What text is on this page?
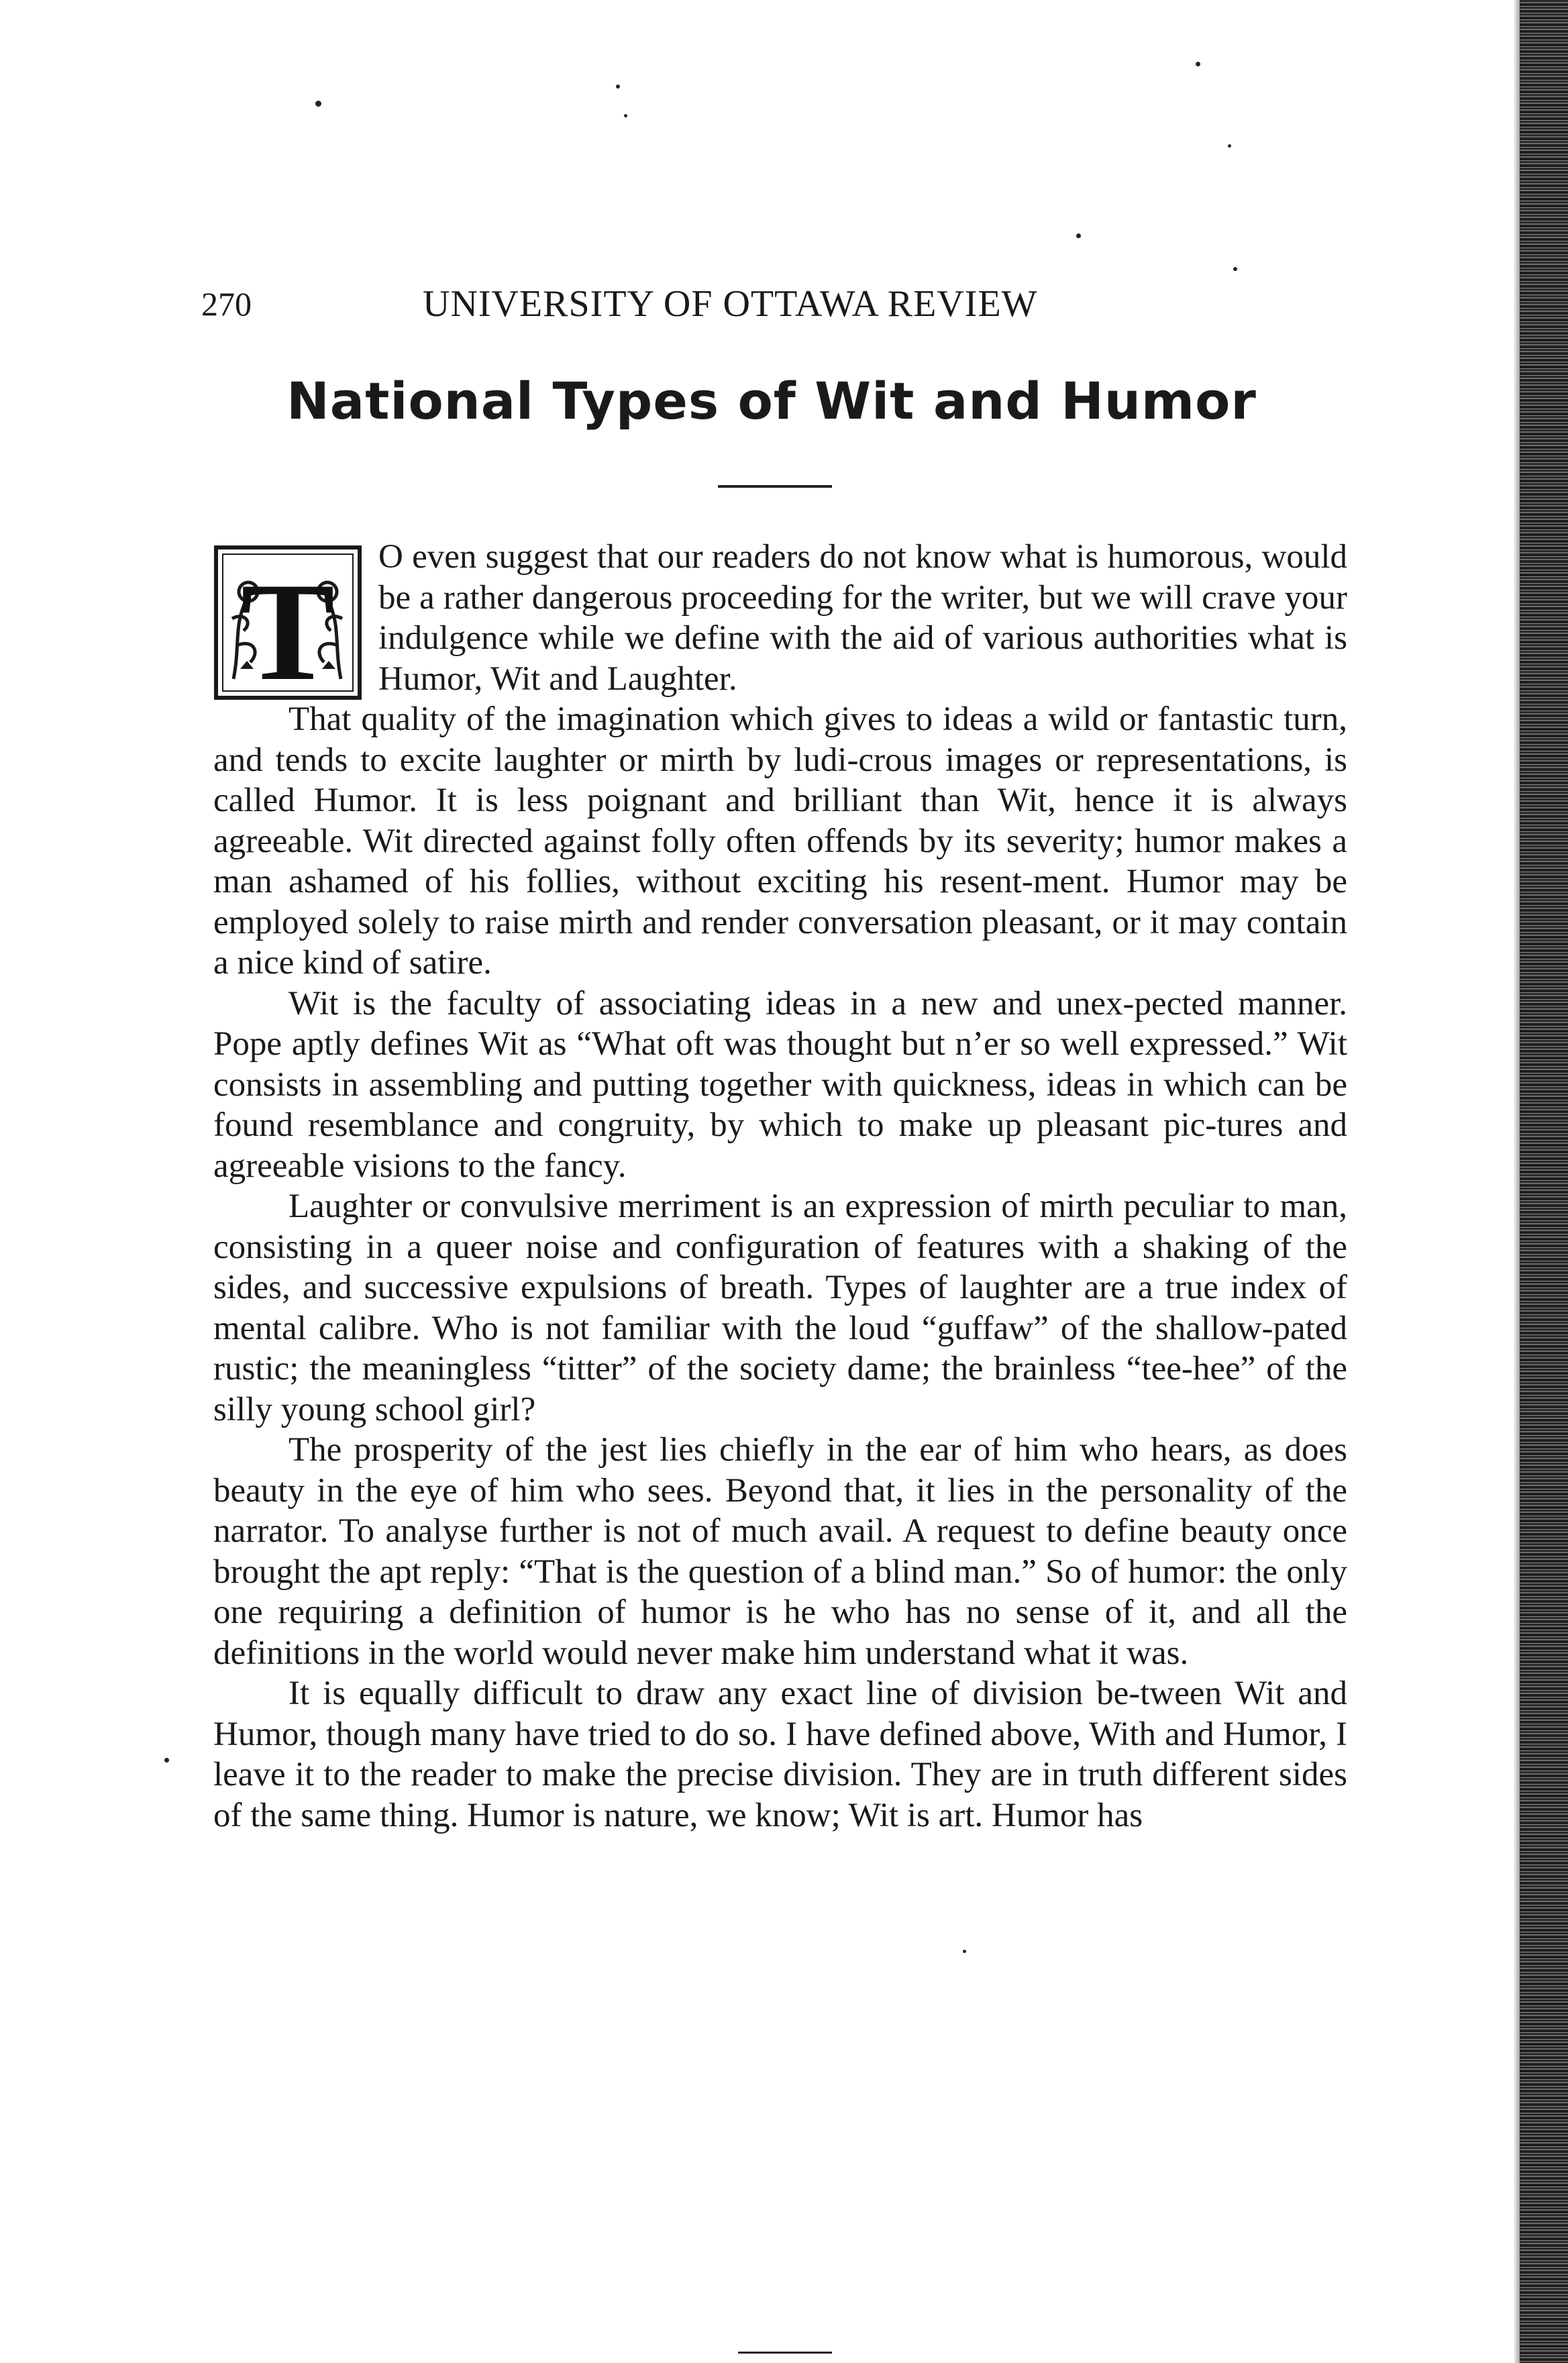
270	UNIVERSITY OF OTTAWA REVIEW
National Types of Wit and Humor
T	O even suggest that our readers do not know what is humorous, would be a rather dangerous proceeding for the writer, but we will crave your indulgence while we define with the aid of various authorities what is Humor, Wit and Laughter.

That quality of the imagination which gives to ideas a wild or fantastic turn, and tends to excite laughter or mirth by ludi-crous images or representations, is called Humor. It is less poignant and brilliant than Wit, hence it is always agreeable. Wit directed against folly often offends by its severity; humor makes a man ashamed of his follies, without exciting his resent-ment. Humor may be employed solely to raise mirth and render conversation pleasant, or it may contain a nice kind of satire.

Wit is the faculty of associating ideas in a new and unex-pected manner. Pope aptly defines Wit as “What oft was thought but n’er so well expressed.” Wit consists in assembling and putting together with quickness, ideas in which can be found resemblance and congruity, by which to make up pleasant pic-tures and agreeable visions to the fancy.

Laughter or convulsive merriment is an expression of mirth peculiar to man, consisting in a queer noise and configuration of features with a shaking of the sides, and successive expulsions of breath. Types of laughter are a true index of mental calibre. Who is not familiar with the loud “guffaw” of the shallow-pated rustic; the meaningless “titter” of the society dame; the brainless “tee-hee” of the silly young school girl?

The prosperity of the jest lies chiefly in the ear of him who hears, as does beauty in the eye of him who sees. Beyond that, it lies in the personality of the narrator. To analyse further is not of much avail. A request to define beauty once brought the apt reply: “That is the question of a blind man.” So of humor: the only one requiring a definition of humor is he who has no sense of it, and all the definitions in the world would never make him understand what it was.

It is equally difficult to draw any exact line of division be-tween Wit and Humor, though many have tried to do so. I have defined above, With and Humor, I leave it to the reader to make the precise division. They are in truth different sides of the same thing. Humor is nature, we know; Wit is art. Humor has
